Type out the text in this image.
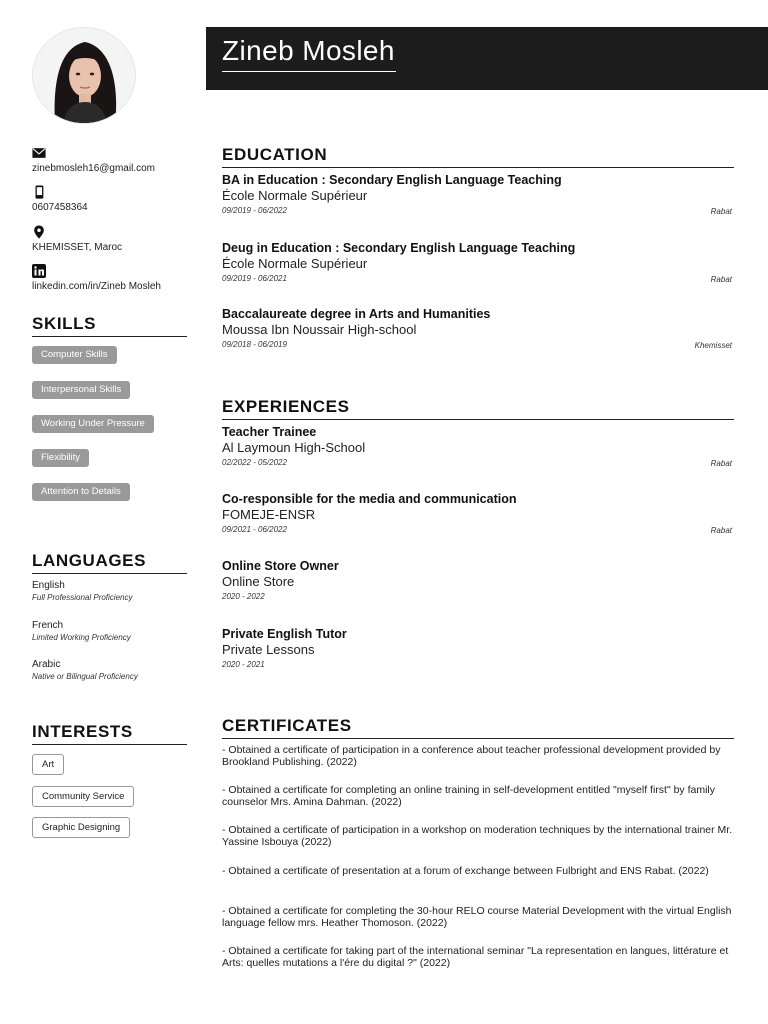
zinebmosleh16@gmail.com
0607458364
KHEMISSET, Maroc
linkedin.com/in/Zineb Mosleh
SKILLS
Computer Skills
Interpersonal Skills
Working Under Pressure
Flexibility
Attention to Details
LANGUAGES
English
Full Professional Proficiency
French
Limited Working Proficiency
Arabic
Native or Bilingual Proficiency
INTERESTS
Art
Community Service
Graphic Designing
Zineb Mosleh
EDUCATION
BA in Education : Secondary English Language Teaching
École Normale Supérieur
09/2019 - 06/2022	Rabat
Deug in Education : Secondary English Language Teaching
École Normale Supérieur
09/2019 - 06/2021	Rabat
Baccalaureate degree in Arts and Humanities
Moussa Ibn Noussair High-school
09/2018 - 06/2019	Khemisset
EXPERIENCES
Teacher Trainee
Al Laymoun High-School
02/2022 - 05/2022	Rabat
Co-responsible for the media and communication
FOMEJE-ENSR
09/2021 - 06/2022	Rabat
Online Store Owner
Online Store
2020 - 2022
Private English Tutor
Private Lessons
2020 - 2021
CERTIFICATES
- Obtained a certificate of participation in a conference about teacher professional development provided by Brookland Publishing. (2022)
- Obtained a certificate for completing an online training in self-development entitled "myself first" by family counselor Mrs. Amina Dahman. (2022)
- Obtained a certificate of participation in a workshop on moderation techniques by the international trainer Mr. Yassine Isbouya (2022)
- Obtained a certificate of presentation at a forum of exchange between Fulbright and ENS Rabat. (2022)
- Obtained a certificate for completing the 30-hour RELO course Material Development with the virtual English language fellow mrs. Heather Thomoson. (2022)
- Obtained a certificate for taking part of the international seminar "La representation en langues, littérature et Arts: quelles mutations a l'ére du digital ?" (2022)
